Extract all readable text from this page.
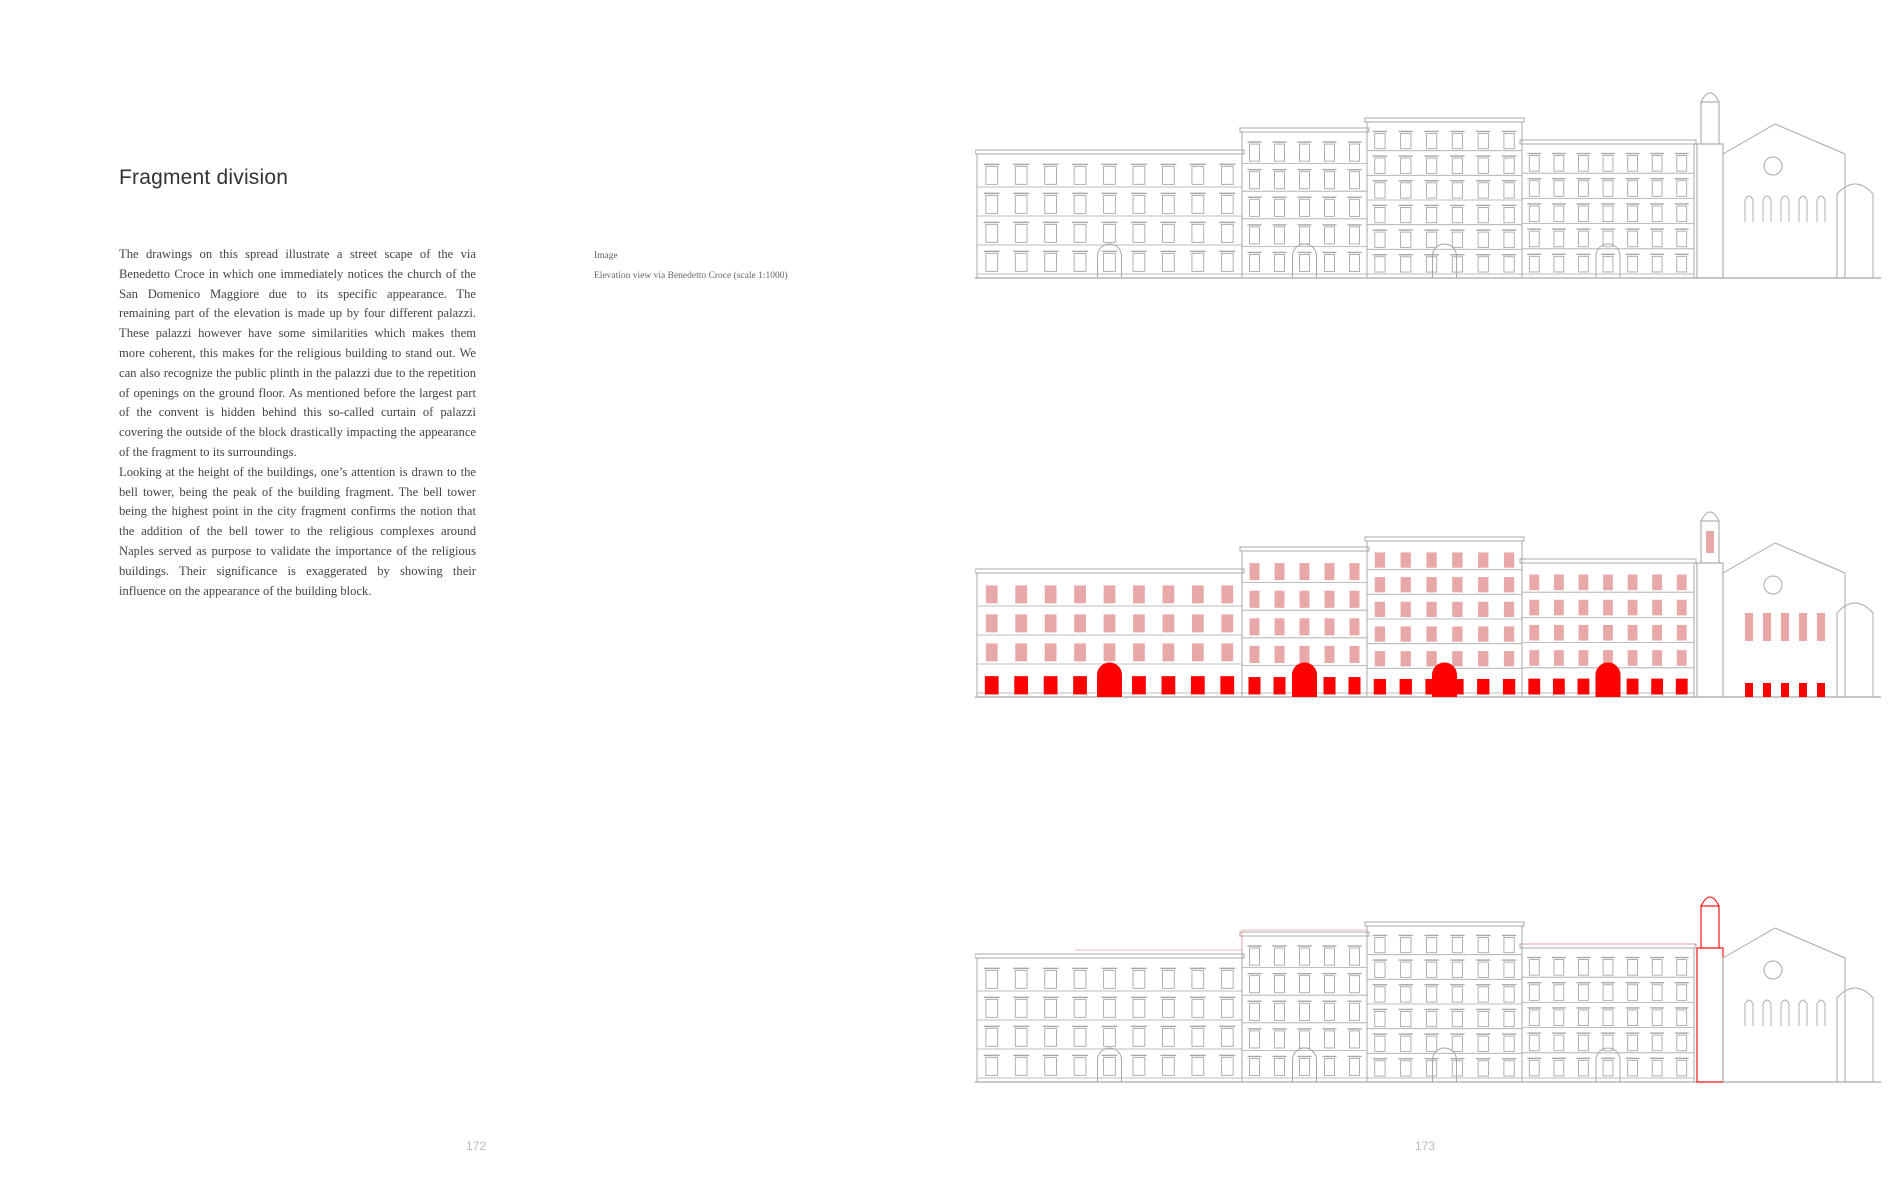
Fragment division

The drawings on this spread illustrate a street scape of the via Benedetto Croce in which one immediately notices the church of the San Domenico Maggiore due to its specific appearance. The remaining part of the elevation is made up by four different palazzi. These palazzi however have some similarities which makes them more coherent, this makes for the religious building to stand out. We can also recognize the public plinth in the palazzi due to the repetition of openings on the ground floor. As mentioned before the largest part of the convent is hidden behind this so-called curtain of palazzi covering the outside of the block drastically impacting the appearance of the fragment to its surroundings.

Looking at the height of the buildings, one’s attention is drawn to the bell tower, being the peak of the building fragment. The bell tower being the highest point in the city fragment confirms the notion that the addition of the bell tower to the religious complexes around Naples served as purpose to validate the importance of the religious buildings. Their significance is exaggerated by showing their influence on the appearance of the building block.

Image
Elevation view via Benedetto Croce (scale 1:1000)
172	173
